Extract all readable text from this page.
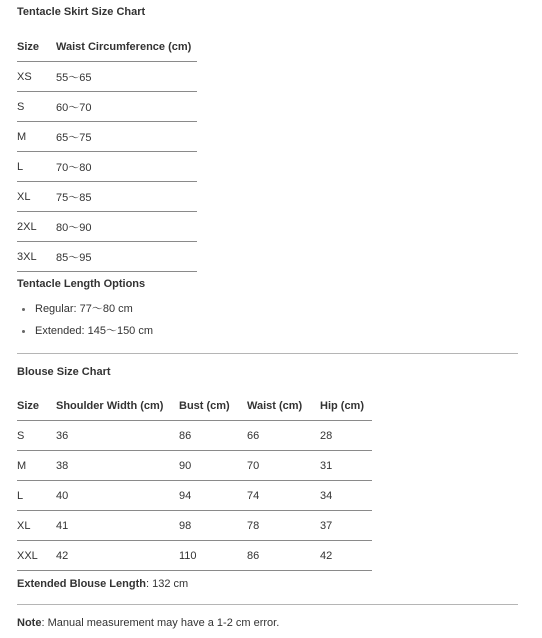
Tentacle Skirt Size Chart
Size	Waist Circumference (cm)
XS	55～65
S	60～70
M	65～75
L	70～80
XL	75～85
2XL	80～90
3XL	85～95
Tentacle Length Options
Regular: 77～80 cm
Extended: 145～150 cm
Blouse Size Chart
Size	Shoulder Width (cm)	Bust (cm)	Waist (cm)	Hip (cm)
S	36	86	66	28
M	38	90	70	31
L	40	94	74	34
XL	41	98	78	37
XXL	42	110	86	42
Extended Blouse Length: 132 cm
Note: Manual measurement may have a 1-2 cm error.
